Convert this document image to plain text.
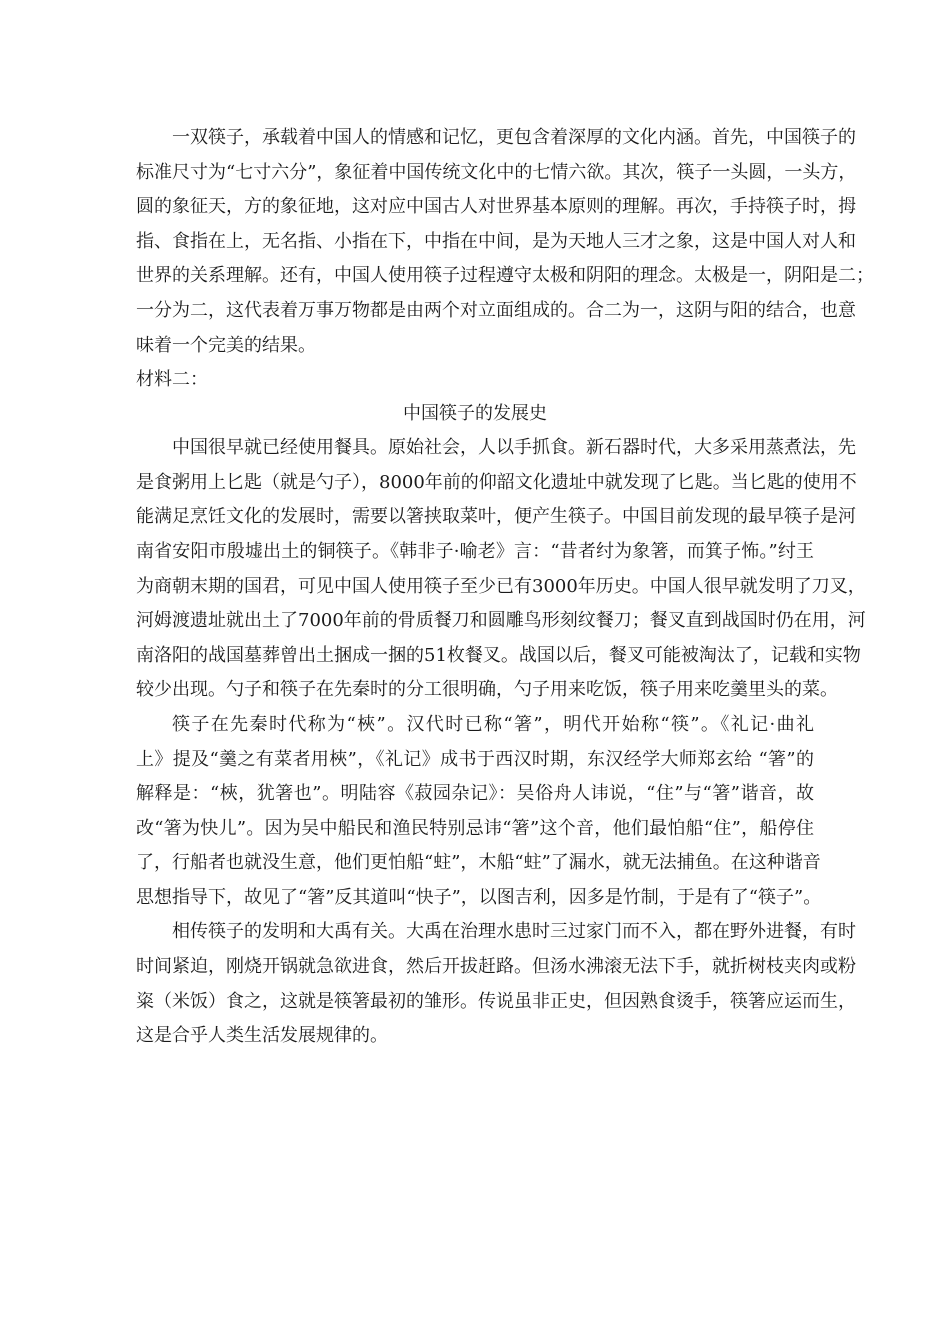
一双筷子，承载着中国人的情感和记忆，更包含着深厚的文化内涵。首先，中国筷子的

标准尺寸为“七寸六分”，象征着中国传统文化中的七情六欲。其次，筷子一头圆，一头方，

圆的象征天，方的象征地，这对应中国古人对世界基本原则的理解。再次，手持筷子时，拇

指、食指在上，无名指、小指在下，中指在中间，是为天地人三才之象，这是中国人对人和

世界的关系理解。还有，中国人使用筷子过程遵守太极和阴阳的理念。太极是一，阴阳是二；

一分为二，这代表着万事万物都是由两个对立面组成的。合二为一，这阴与阳的结合，也意

味着一个完美的结果。

材料二：

中国筷子的发展史

中国很早就已经使用餐具。原始社会，人以手抓食。新石器时代，大多采用蒸煮法，先

是食粥用上匕匙（就是勺子），8000年前的仰韶文化遗址中就发现了匕匙。当匕匙的使用不

能满足烹饪文化的发展时，需要以箸挟取菜叶，便产生筷子。中国目前发现的最早筷子是河

南省安阳市殷墟出土的铜筷子。《韩非子·喻老》言：“昔者纣为象箸，而箕子怖。”纣王

为商朝末期的国君，可见中国人使用筷子至少已有3000年历史。中国人很早就发明了刀叉，

河姆渡遗址就出土了7000年前的骨质餐刀和圆雕鸟形刻纹餐刀；餐叉直到战国时仍在用，河

南洛阳的战国墓葬曾出土捆成一捆的51枚餐叉。战国以后，餐叉可能被淘汰了，记载和实物

较少出现。勺子和筷子在先秦时的分工很明确，勺子用来吃饭，筷子用来吃羹里头的菜。

筷子在先秦时代称为“梜”。汉代时已称“箸”，明代开始称“筷”。《礼记·曲礼

上》提及“羹之有菜者用梜”，《礼记》成书于西汉时期，东汉经学大师郑玄给 “箸”的

解释是：“梜，犹箸也”。明陆容《菽园杂记》：吴俗舟人讳说，“住”与“箸”谐音，故

改“箸为快儿”。因为吴中船民和渔民特别忌讳“箸”这个音，他们最怕船“住”，船停住

了，行船者也就没生意，他们更怕船“蛀”，木船“蛀”了漏水，就无法捕鱼。在这种谐音

思想指导下，故见了“箸”反其道叫“快子”，以图吉利，因多是竹制，于是有了“筷子”。

相传筷子的发明和大禹有关。大禹在治理水患时三过家门而不入，都在野外进餐，有时

时间紧迫，刚烧开锅就急欲进食，然后开拔赶路。但汤水沸滚无法下手，就折树枝夹肉或粉

粢（米饭）食之，这就是筷箸最初的雏形。传说虽非正史，但因熟食烫手，筷箸应运而生，

这是合乎人类生活发展规律的。
